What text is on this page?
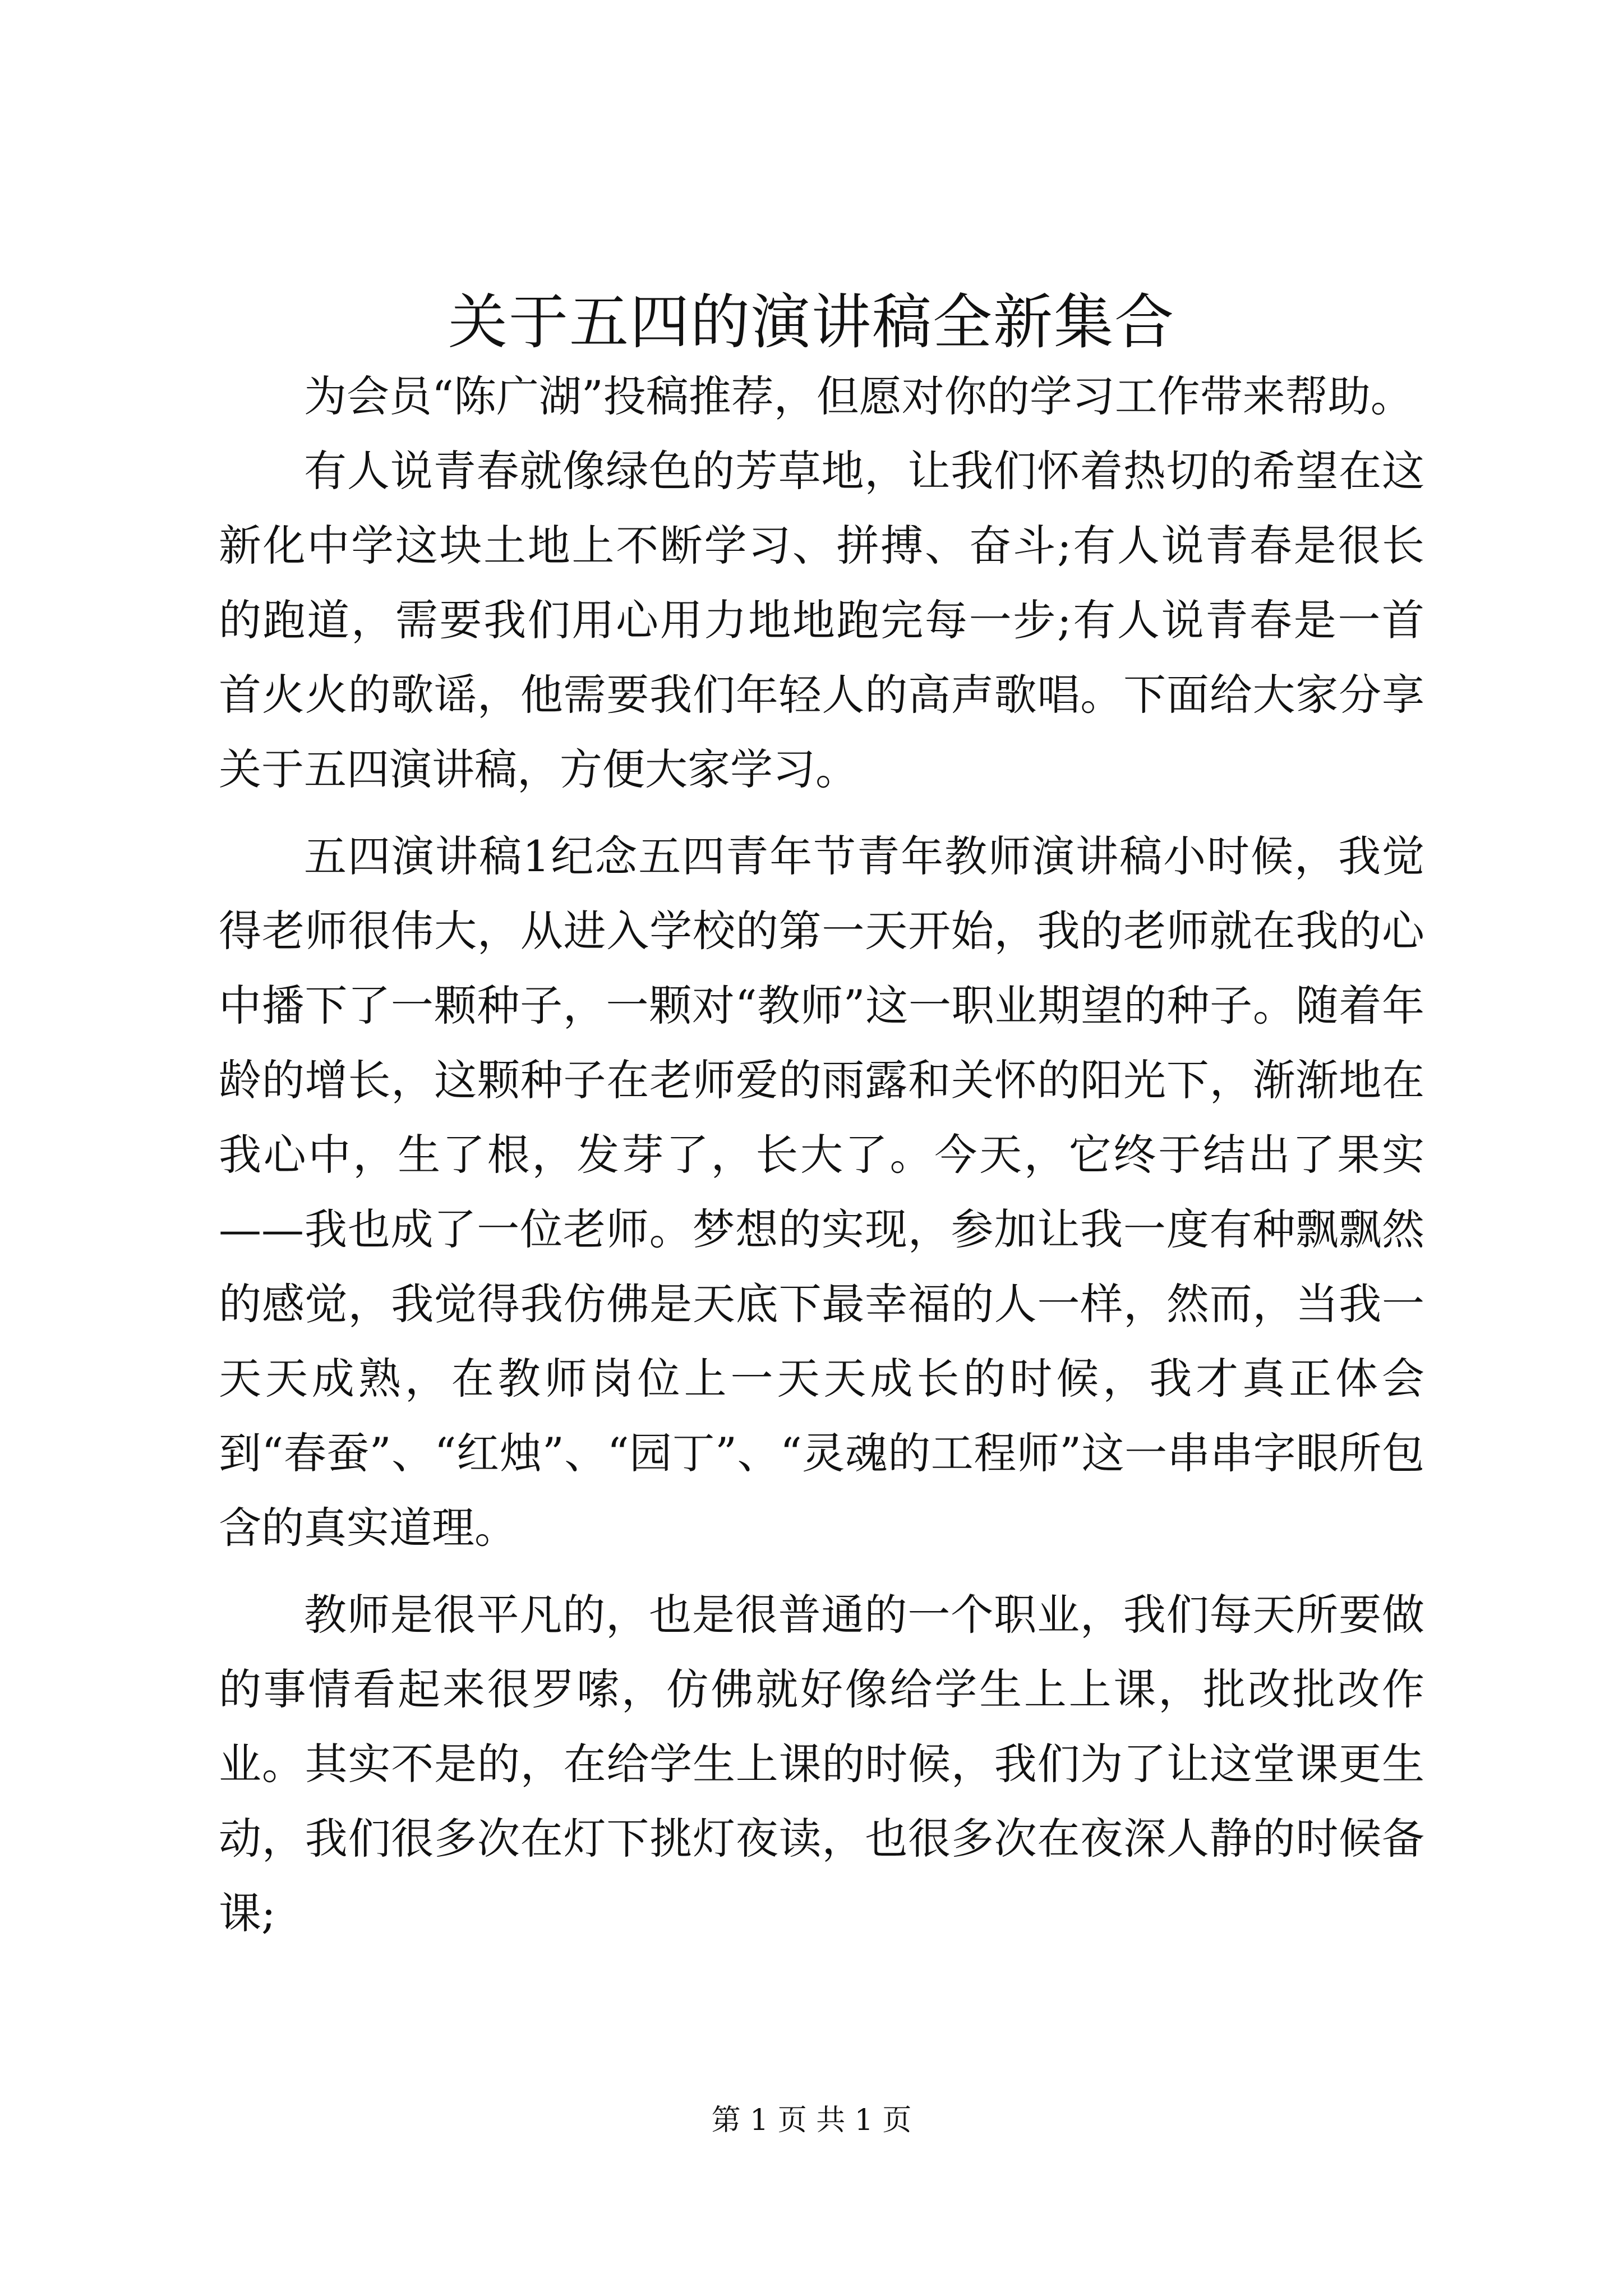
关于五四的演讲稿全新集合

为会员“陈广湖”投稿推荐，但愿对你的学习工作带来帮助。

有人说青春就像绿色的芳草地，让我们怀着热切的希望在这新化中学这块土地上不断学习、拼搏、奋斗;有人说青春是很长的跑道，需要我们用心用力地地跑完每一步;有人说青春是一首首火火的歌谣，他需要我们年轻人的高声歌唱。下面给大家分享关于五四演讲稿，方便大家学习。

五四演讲稿1纪念五四青年节青年教师演讲稿小时候，我觉得老师很伟大，从进入学校的第一天开始，我的老师就在我的心中播下了一颗种子，一颗对“教师”这一职业期望的种子。随着年龄的增长，这颗种子在老师爱的雨露和关怀的阳光下，渐渐地在我心中，生了根，发芽了，长大了。今天，它终于结出了果实——我也成了一位老师。梦想的实现，参加让我一度有种飘飘然的感觉，我觉得我仿佛是天底下最幸福的人一样，然而，当我一天天成熟，在教师岗位上一天天成长的时候，我才真正体会到“春蚕”、“红烛”、“园丁”、“灵魂的工程师”这一串串字眼所包含的真实道理。

教师是很平凡的，也是很普通的一个职业，我们每天所要做的事情看起来很罗嗦，仿佛就好像给学生上上课，批改批改作业。其实不是的，在给学生上课的时候，我们为了让这堂课更生动，我们很多次在灯下挑灯夜读，也很多次在夜深人静的时候备课;

第 1 页 共 1 页
